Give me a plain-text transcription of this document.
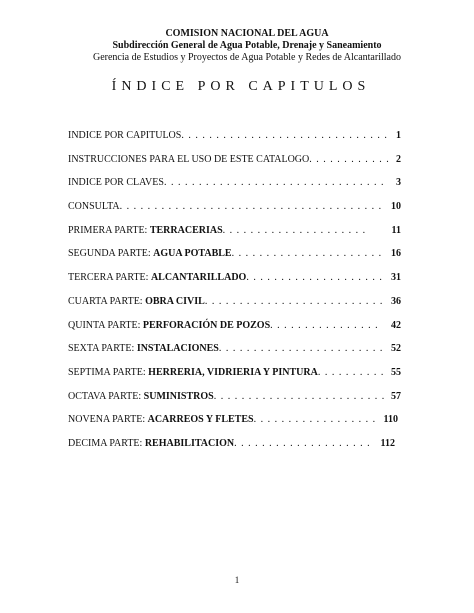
COMISION NACIONAL DEL AGUA
Subdirección General de Agua Potable, Drenaje y Saneamiento
Gerencia de Estudios y Proyectos de Agua Potable y Redes de Alcantarillado
ÍNDICE POR CAPITULOS
INDICE POR CAPITULOS. . . . . . . . . . . . . . . . . . . . . . . . . . . . . . 1
INSTRUCCIONES PARA EL USO DE ESTE CATALOGO. . . . . . . . . . . . 2
INDICE POR CLAVES. . . . . . . . . . . . . . . . . . . . . . . . . . . . . . . . 3
CONSULTA. . . . . . . . . . . . . . . . . . . . . . . . . . . . . . . . . . . . . . 10
PRIMERA PARTE: TERRACERIAS. . . . . . . . . . . . . . . . . . . . .	11
SEGUNDA PARTE: AGUA POTABLE. . . . . . . . . . . . . . . . . . . . . . 16
TERCERA PARTE: ALCANTARILLADO. . . . . . . . . . . . . . . . . . . . 31
CUARTA PARTE: OBRA CIVIL. . . . . . . . . . . . . . . . . . . . . . . . . . 36
QUINTA PARTE: PERFORACIÓN DE POZOS. . . . . . . . . . . . . . . . 42
SEXTA PARTE: INSTALACIONES. . . . . . . . . . . . . . . . . . . . . . . . 52
SEPTIMA PARTE: HERRERIA, VIDRIERIA Y PINTURA. . . . . . . . . . 55
OCTAVA PARTE: SUMINISTROS. . . . . . . . . . . . . . . . . . . . . . . . . 57
NOVENA PARTE: ACARREOS Y FLETES. . . . . . . . . . . . . . . . . . 110
DECIMA PARTE: REHABILITACION. . . . . . . . . . . . . . . . . . . . 112
1
